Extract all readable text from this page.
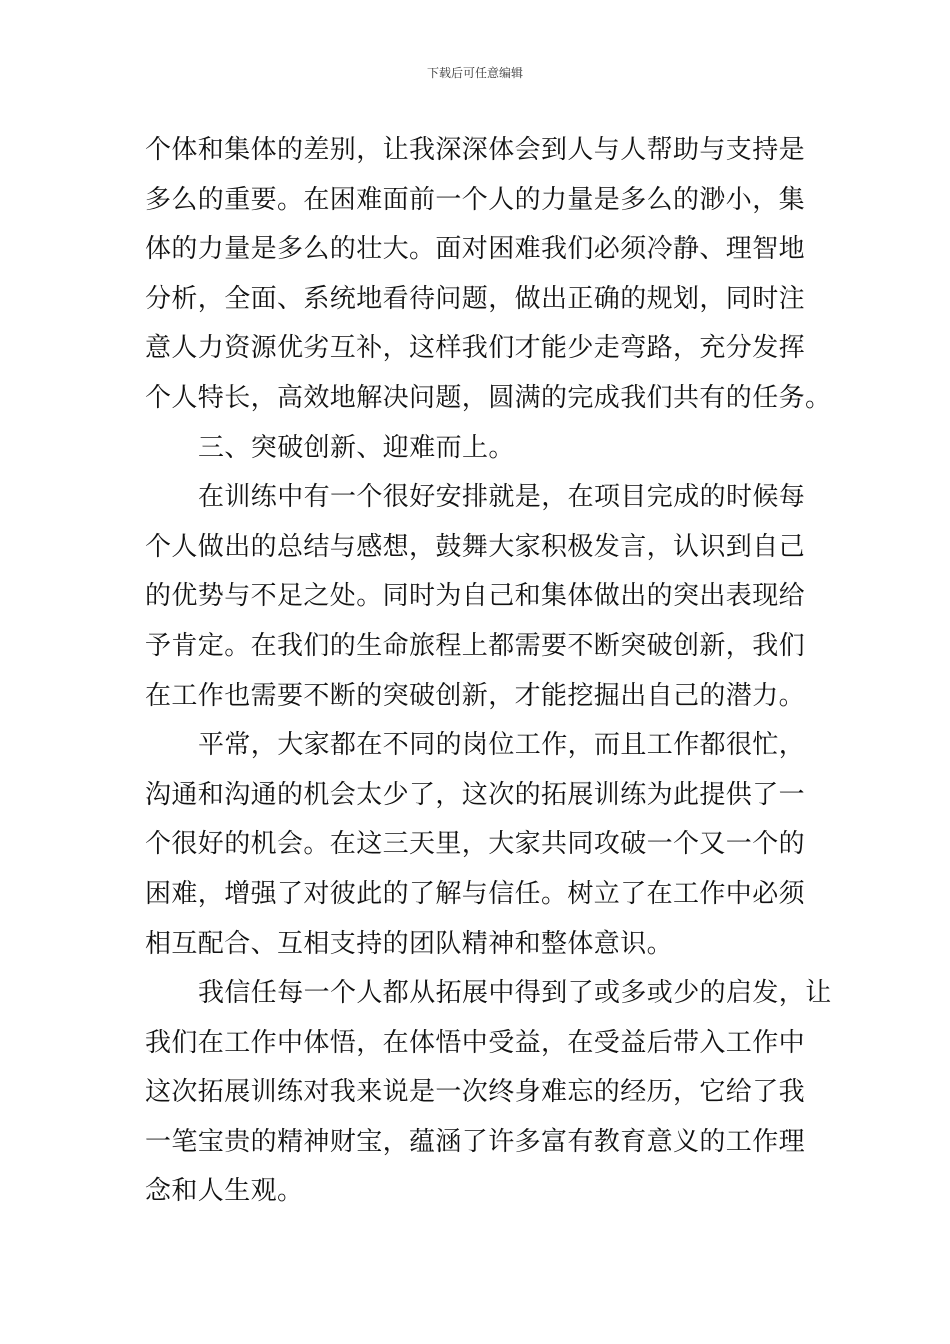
下载后可任意编辑
个体和集体的差别，让我深深体会到人与人帮助与支持是
多么的重要。在困难面前一个人的力量是多么的渺小，集
体的力量是多么的壮大。面对困难我们必须冷静、理智地
分析，全面、系统地看待问题，做出正确的规划，同时注
意人力资源优劣互补，这样我们才能少走弯路，充分发挥
个人特长，高效地解决问题，圆满的完成我们共有的任务。
三、突破创新、迎难而上。
在训练中有一个很好安排就是，在项目完成的时候每
个人做出的总结与感想，鼓舞大家积极发言，认识到自己
的优势与不足之处。同时为自己和集体做出的突出表现给
予肯定。在我们的生命旅程上都需要不断突破创新，我们
在工作也需要不断的突破创新，才能挖掘出自己的潜力。
平常，大家都在不同的岗位工作，而且工作都很忙，
沟通和沟通的机会太少了，这次的拓展训练为此提供了一
个很好的机会。在这三天里，大家共同攻破一个又一个的
困难，增强了对彼此的了解与信任。树立了在工作中必须
相互配合、互相支持的团队精神和整体意识。
我信任每一个人都从拓展中得到了或多或少的启发，让
我们在工作中体悟，在体悟中受益，在受益后带入工作中
这次拓展训练对我来说是一次终身难忘的经历，它给了我
一笔宝贵的精神财宝，蕴涵了许多富有教育意义的工作理
念和人生观。
